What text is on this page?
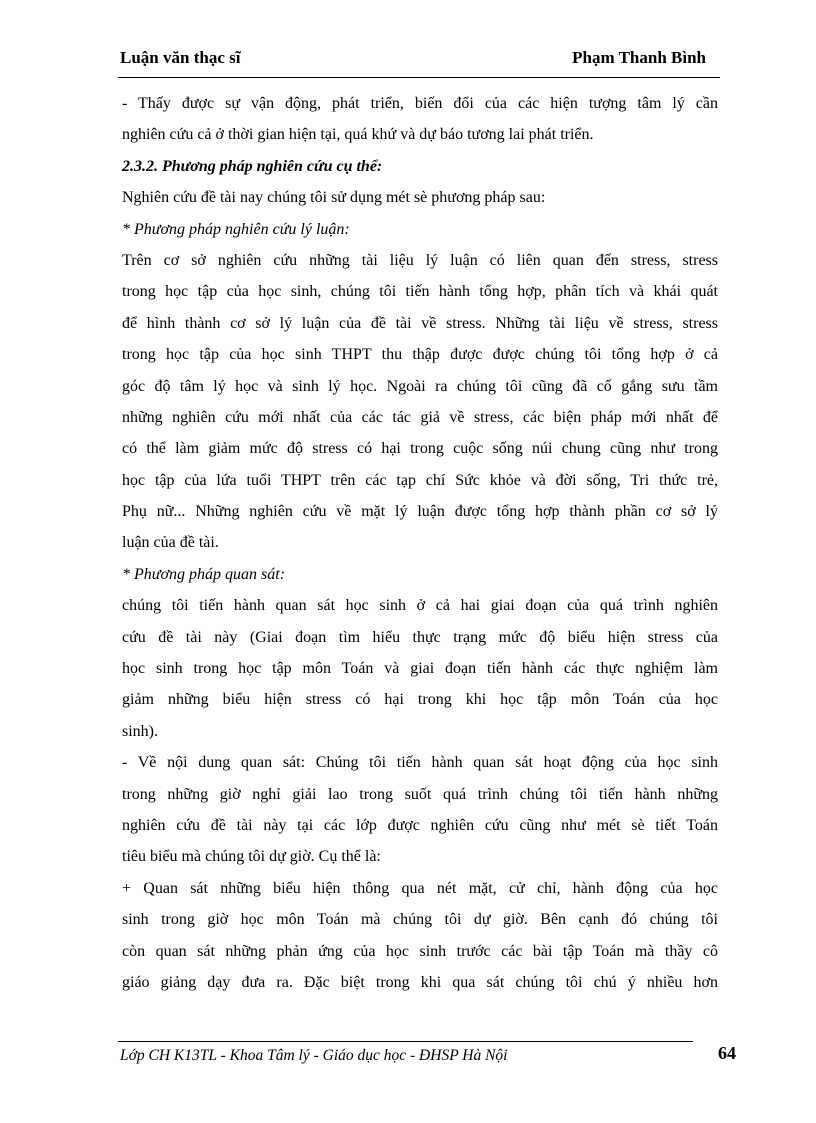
Luận văn thạc sĩ	Phạm Thanh Bình
- Thấy được sự vận động, phát triển, biến đổi của các hiện tượng tâm lý cần
nghiên cứu cả ở thời gian hiện tại, quá khứ và dự báo tương lai phát triển.
2.3.2. Phương pháp nghiên cứu cụ thể:
Nghiên cứu đề tài nay chúng tôi sử dụng mét sè phương pháp sau:
* Phương pháp nghiên cứu lý luận:
Trên cơ sở nghiên cứu những tài liệu lý luận có liên quan đến stress, stress
trong học tập của học sinh, chúng tôi tiến hành tổng hợp, phân tích và khái quát
để hình thành cơ sở lý luận của đề tài về stress. Những tài liệu về stress, stress
trong học tập của học sinh THPT thu thập được được chúng tôi tổng hợp ở cả
góc độ tâm lý học và sinh lý học. Ngoài ra chúng tôi cũng đã cố gắng sưu tầm
những nghiên cứu mới nhất của các tác giả về stress, các biện pháp mới nhất để
có thể làm giảm mức độ stress có hại trong cuộc sống núi chung cũng như trong
học tập của lứa tuổi THPT trên các tạp chí Sức khỏe và đời sống, Tri thức trẻ,
Phụ nữ... Những nghiên cứu về mặt lý luận được tổng hợp thành phần cơ sở lý
luận của đề tài.
* Phương pháp quan sát:
chúng tôi tiến hành quan sát học sinh ở cả hai giai đoạn của quá trình nghiên
cứu đề tài này (Giai đoạn tìm hiểu thực trạng mức độ biểu hiện stress của
học sinh trong học tập môn Toán và giai đoạn tiến hành các thực nghiệm làm
giảm những biểu hiện stress có hại trong khi học tập môn Toán của học
sinh).
- Về nội dung quan sát: Chúng tôi tiến hành quan sát hoạt động của học sinh
trong những giờ nghỉ giải lao trong suốt quá trình chúng tôi tiến hành những
nghiên cứu đề tài này tại các lớp được nghiên cứu cũng như mét sè tiết Toán
tiêu biểu mà chúng tôi dự giờ. Cụ thể là:
+ Quan sát những biểu hiện thông qua nét mặt, cử chỉ, hành động của học
sinh trong giờ học môn Toán mà chúng tôi dự giờ. Bên cạnh đó chúng tôi
còn quan sát những phản ứng của học sinh trước các bài tập Toán mà thầy cô
giáo giảng dạy đưa ra. Đặc biệt trong khi qua sát chúng tôi chú ý nhiều hơn
Lớp CH K13TL - Khoa Tâm lý - Giáo dục học - ĐHSP Hà Nội	64
